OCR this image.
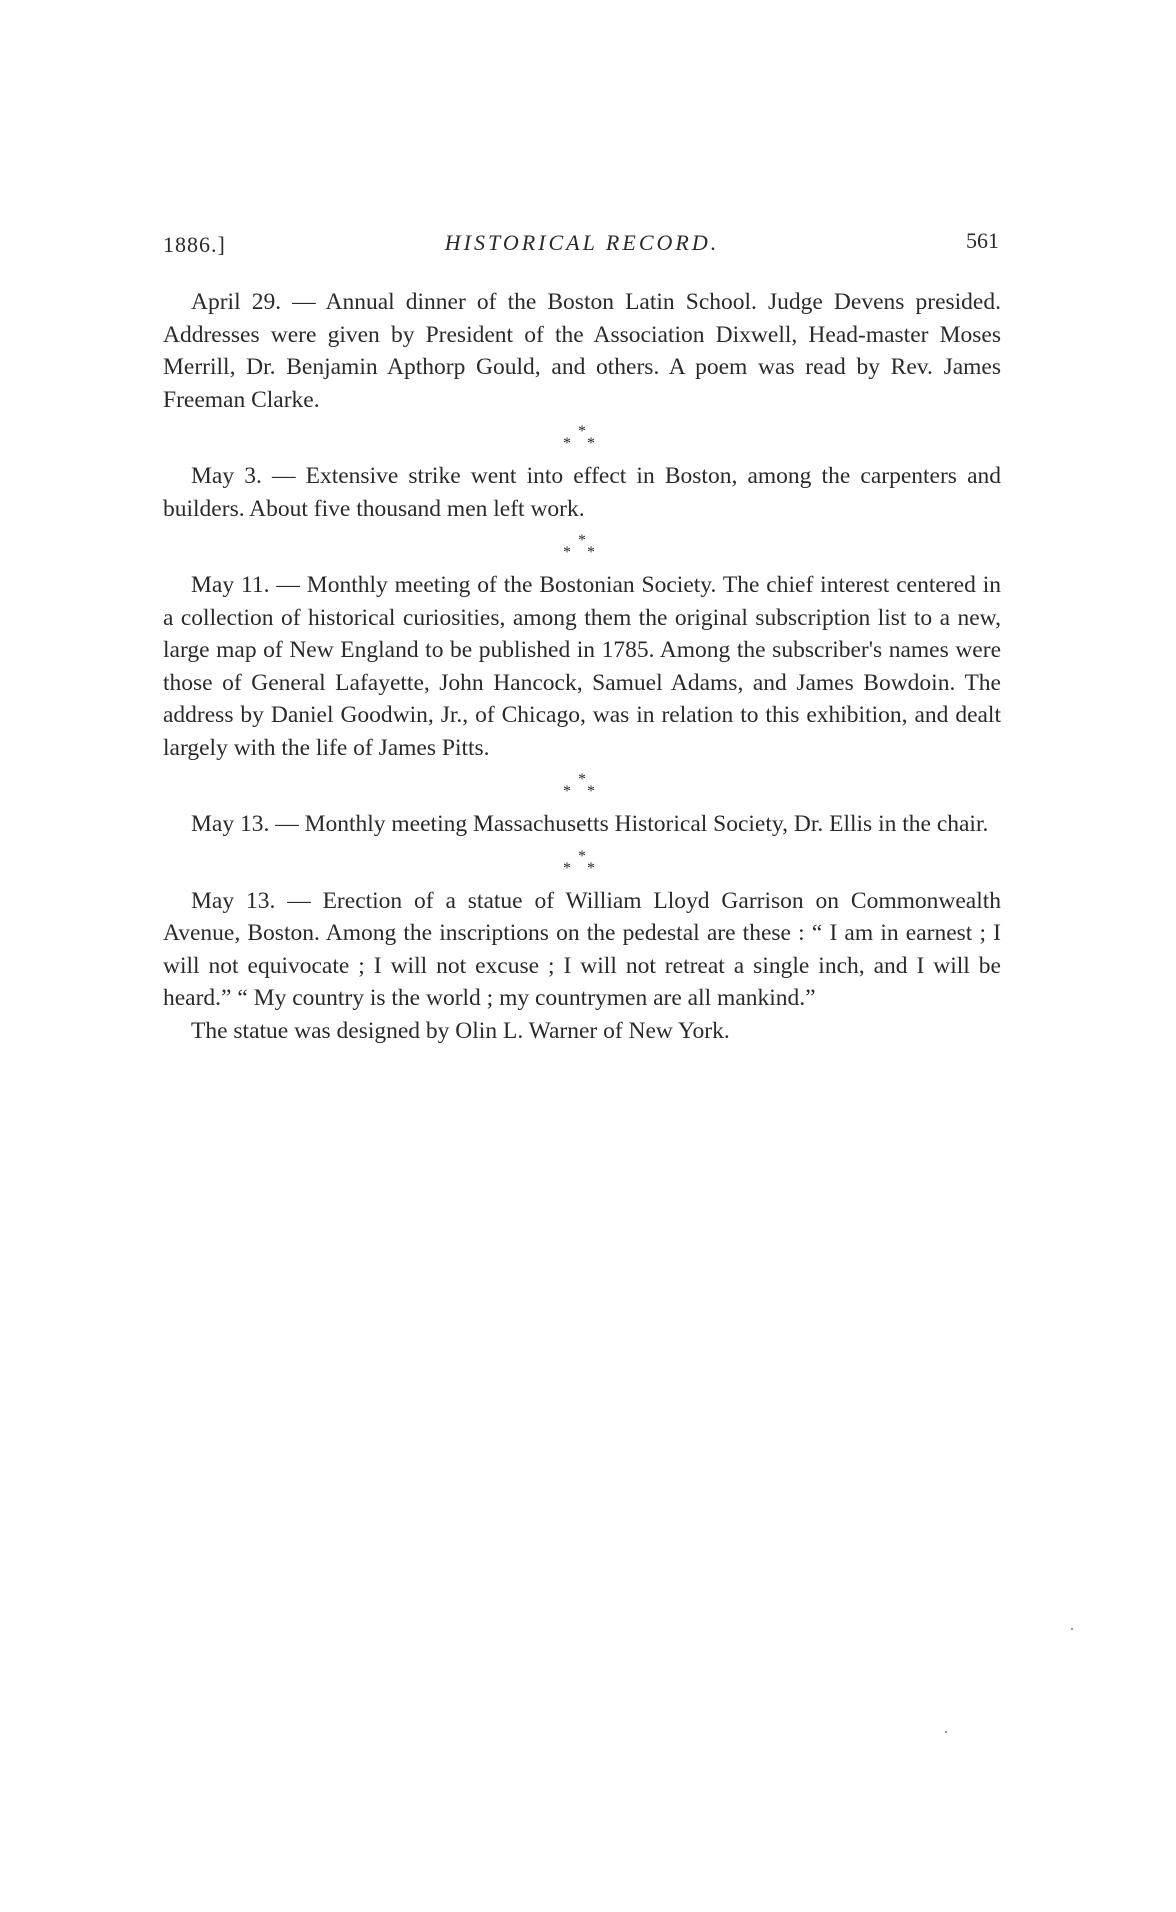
1886.]	HISTORICAL RECORD.	561

April 29. — Annual dinner of the Boston Latin School. Judge Devens presided. Addresses were given by President of the Association Dixwell, Head-master Moses Merrill, Dr. Benjamin Apthorp Gould, and others. A poem was read by Rev. James Freeman Clarke.

*
* *

May 3. — Extensive strike went into effect in Boston, among the carpenters and builders. About five thousand men left work.

*
* *

May 11. — Monthly meeting of the Bostonian Society. The chief interest centered in a collection of historical curiosities, among them the original subscription list to a new, large map of New England to be published in 1785. Among the subscriber's names were those of General Lafayette, John Hancock, Samuel Adams, and James Bowdoin. The address by Daniel Goodwin, Jr., of Chicago, was in relation to this exhibition, and dealt largely with the life of James Pitts.

*
* *

May 13. — Monthly meeting Massachusetts Historical Society, Dr. Ellis in the chair.

*
* *

May 13. — Erection of a statue of William Lloyd Garrison on Commonwealth Avenue, Boston. Among the inscriptions on the pedestal are these : “ I am in earnest ; I will not equivocate ; I will not excuse ; I will not retreat a single inch, and I will be heard.” “ My country is the world ; my countrymen are all mankind.”

The statue was designed by Olin L. Warner of New York.
